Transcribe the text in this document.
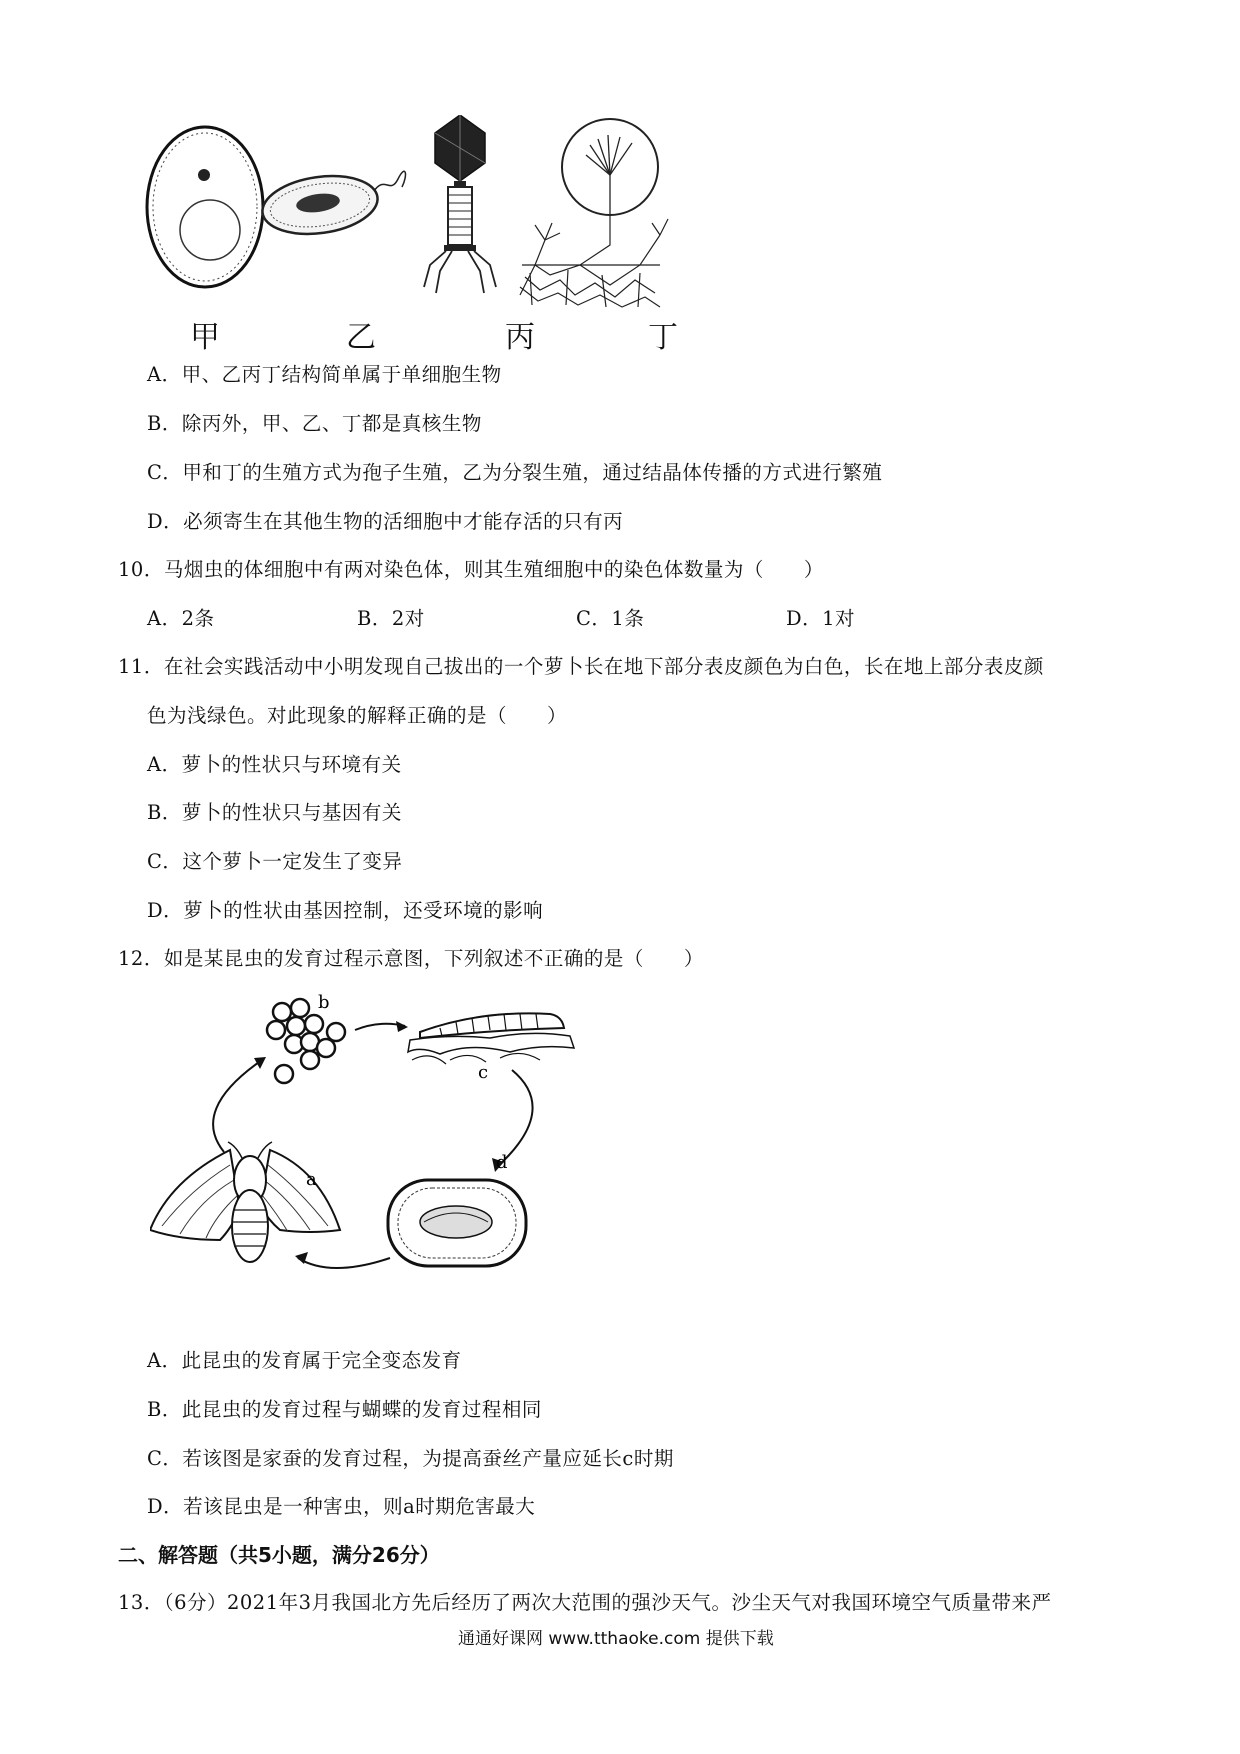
甲	乙	丙	丁
A．甲、乙丙丁结构简单属于单细胞生物
B．除丙外，甲、乙、丁都是真核生物
C．甲和丁的生殖方式为孢子生殖，乙为分裂生殖，通过结晶体传播的方式进行繁殖
D．必须寄生在其他生物的活细胞中才能存活的只有丙
10．马烟虫的体细胞中有两对染色体，则其生殖细胞中的染色体数量为（　　）
A．2条	B．2对	C．1条	D．1对
11．在社会实践活动中小明发现自己拔出的一个萝卜长在地下部分表皮颜色为白色，长在地上部分表皮颜
色为浅绿色。对此现象的解释正确的是（　　）
A．萝卜的性状只与环境有关
B．萝卜的性状只与基因有关
C．这个萝卜一定发生了变异
D．萝卜的性状由基因控制，还受环境的影响
12．如是某昆虫的发育过程示意图，下列叙述不正确的是（　　）
b
c
d
a
A．此昆虫的发育属于完全变态发育
B．此昆虫的发育过程与蝴蝶的发育过程相同
C．若该图是家蚕的发育过程，为提高蚕丝产量应延长c时期
D．若该昆虫是一种害虫，则a时期危害最大
二、解答题（共5小题，满分26分）
13．（6分）2021年3月我国北方先后经历了两次大范围的强沙天气。沙尘天气对我国环境空气质量带来严
通通好课网 www.tthaoke.com 提供下载
